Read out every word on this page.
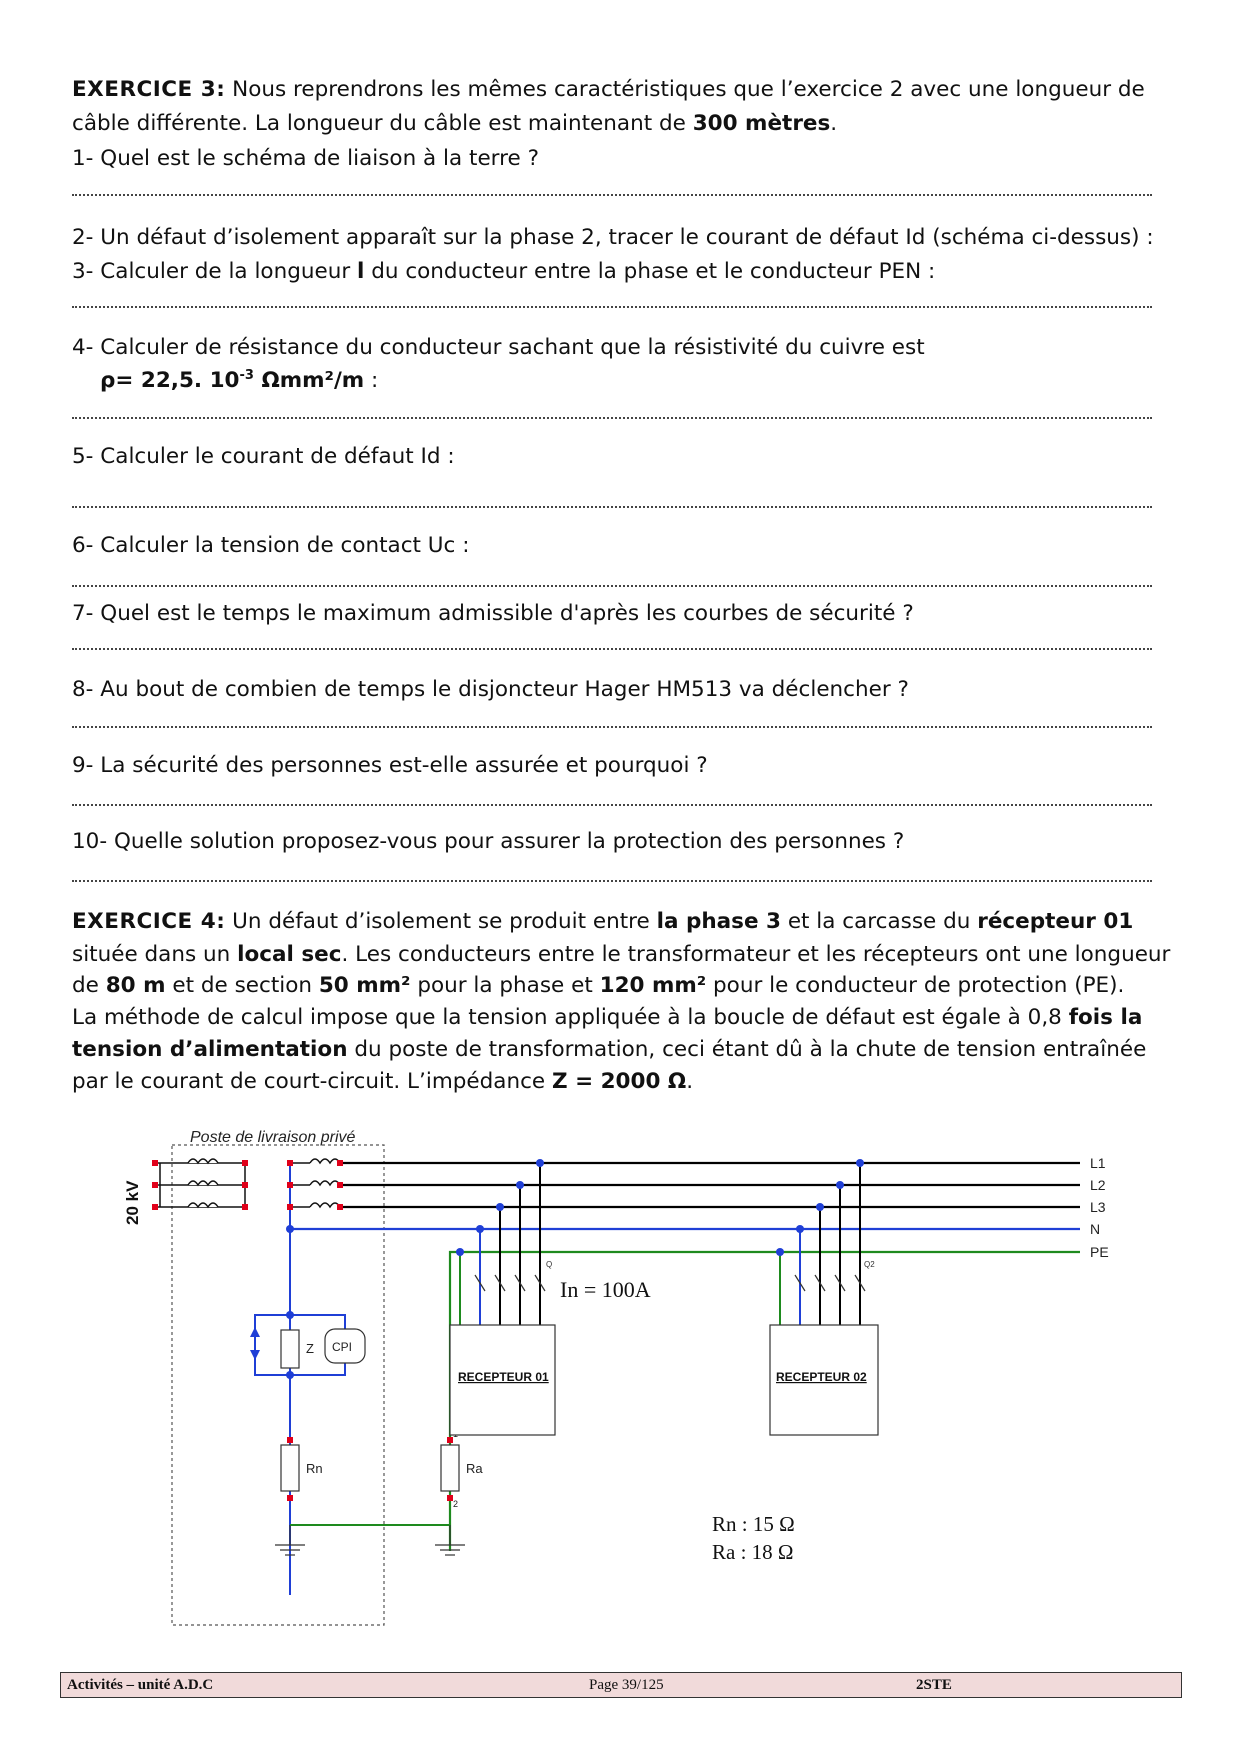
EXERCICE 3: Nous reprendrons les mêmes caractéristiques que l’exercice 2 avec une longueur de
câble différente. La longueur du câble est maintenant de 300 mètres.
1- Quel est le schéma de liaison à la terre ?
2- Un défaut d’isolement apparaît sur la phase 2, tracer le courant de défaut Id (schéma ci-dessus) :
3- Calculer de la longueur l du conducteur entre la phase et le conducteur PEN :
4- Calculer de résistance du conducteur sachant que la résistivité du cuivre est
ρ= 22,5. $10^{-3}$ Ωmm²/m :
5- Calculer le courant de défaut Id :
6- Calculer la tension de contact Uc :
7- Quel est le temps le maximum admissible d'après les courbes de sécurité ?
8- Au bout de combien de temps le disjoncteur Hager HM513 va déclencher ?
9- La sécurité des personnes est-elle assurée et pourquoi ?
10- Quelle solution proposez-vous pour assurer la protection des personnes ?
EXERCICE 4: Un défaut d’isolement se produit entre la phase 3 et la carcasse du récepteur 01
située dans un local sec. Les conducteurs entre le transformateur et les récepteurs ont une longueur
de 80 m et de section 50 mm² pour la phase et 120 mm² pour le conducteur de protection (PE).
La méthode de calcul impose que la tension appliquée à la boucle de défaut est égale à 0,8 fois la
tension d’alimentation du poste de transformation, ceci étant dû à la chute de tension entraînée
par le courant de court-circuit. L’impédance Z = 2000 Ω.
Poste de livraison privé
20 kV
L1
L2
L3
N
PE
Z CPI
Rn	Ra
2
Q
In = 100A
RECEPTEUR 01
Q2
RECEPTEUR 02
Rn : 15 Ω
Ra : 18 Ω
Activités – unité A.D.C	Page 39/125	2STE
